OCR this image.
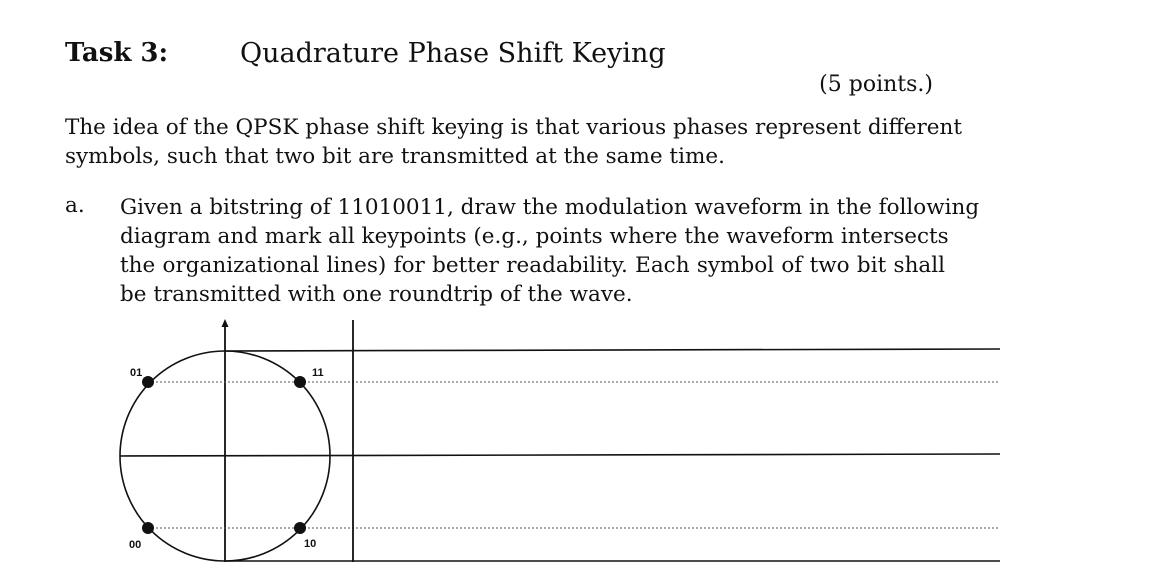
Task 3:	Quadrature Phase Shift Keying
(5 points.)
The idea of the QPSK phase shift keying is that various phases represent different
symbols, such that two bit are transmitted at the same time.
a. Given a bitstring of 11010011, draw the modulation waveform in the following
diagram and mark all keypoints (e.g., points where the waveform intersects
the organizational lines) for better readability. Each symbol of two bit shall
be transmitted with one roundtrip of the wave.
01	11
00	10
